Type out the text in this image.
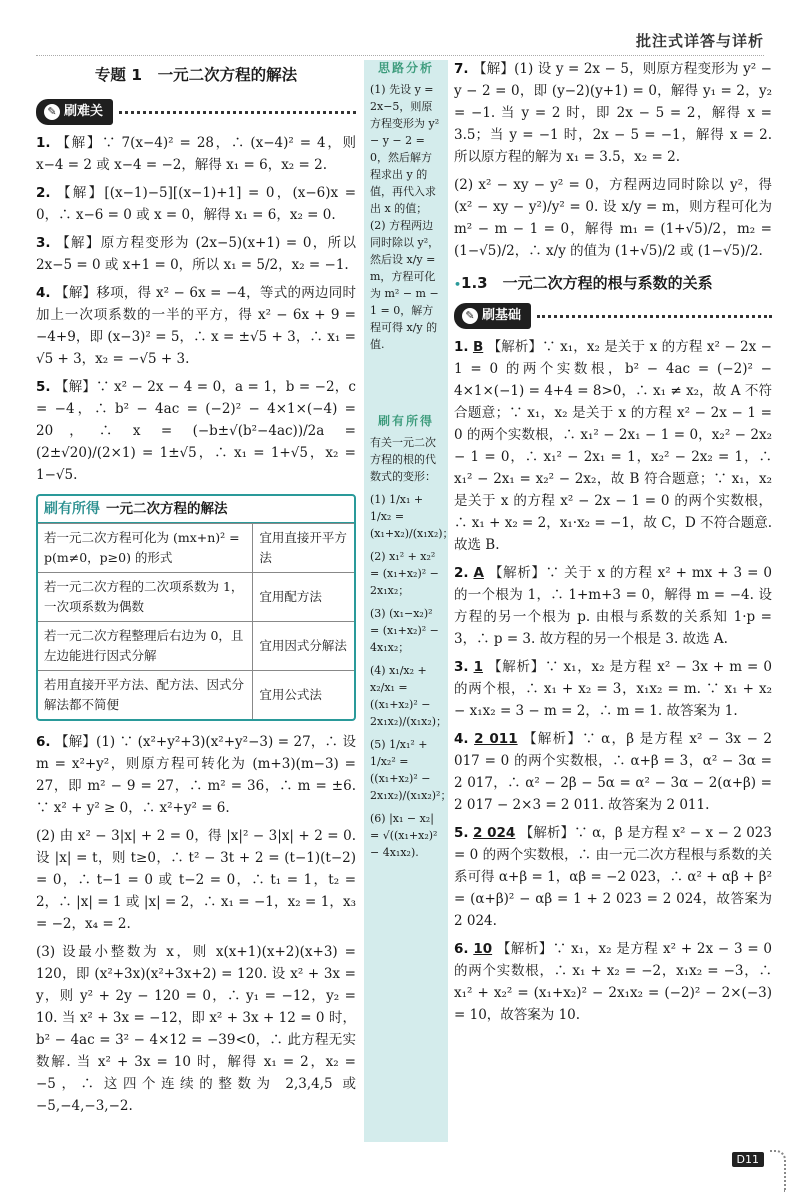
批注式详答与详析
专题 1　一元二次方程的解法
✎ 刷难关
1. 【解】∵ 7(x−4)² = 28，∴ (x−4)² = 4，则 x−4 = 2 或 x−4 = −2，解得 x₁ = 6，x₂ = 2.
2. 【解】[(x−1)−5][(x−1)+1] = 0，(x−6)x = 0，∴ x−6 = 0 或 x = 0，解得 x₁ = 6，x₂ = 0.
3. 【解】原方程变形为 (2x−5)(x+1) = 0，所以 2x−5 = 0 或 x+1 = 0，所以 x₁ = 5/2，x₂ = −1.
4. 【解】移项，得 x² − 6x = −4，等式的两边同时加上一次项系数的一半的平方，得 x² − 6x + 9 = −4+9，即 (x−3)² = 5，∴ x = ±√5 + 3，∴ x₁ = √5 + 3，x₂ = −√5 + 3.
5. 【解】∵ x² − 2x − 4 = 0，a = 1，b = −2，c = −4，∴ b² − 4ac = (−2)² − 4×1×(−4) = 20，∴ x = (−b±√(b²−4ac))/2a = (2±√20)/(2×1) = 1±√5，∴ x₁ = 1+√5，x₂ = 1−√5.
刷有所得 一元二次方程的解法
若一元二次方程可化为 (mx+n)² = p(m≠0，p≥0) 的形式	宜用直接开平方法
若一元二次方程的二次项系数为 1，一次项系数为偶数	宜用配方法
若一元二次方程整理后右边为 0，且左边能进行因式分解	宜用因式分解法
若用直接开平方法、配方法、因式分解法都不简便	宜用公式法
6. 【解】(1) ∵ (x²+y²+3)(x²+y²−3) = 27，∴ 设 m = x²+y²，则原方程可转化为 (m+3)(m−3) = 27，即 m² − 9 = 27，∴ m² = 36，∴ m = ±6. ∵ x² + y² ≥ 0，∴ x²+y² = 6.
(2) 由 x² − 3|x| + 2 = 0，得 |x|² − 3|x| + 2 = 0. 设 |x| = t，则 t≥0，∴ t² − 3t + 2 = (t−1)(t−2) = 0，∴ t−1 = 0 或 t−2 = 0，∴ t₁ = 1，t₂ = 2，∴ |x| = 1 或 |x| = 2，∴ x₁ = −1，x₂ = 1，x₃ = −2，x₄ = 2.
(3) 设最小整数为 x，则 x(x+1)(x+2)(x+3) = 120，即 (x²+3x)(x²+3x+2) = 120. 设 x² + 3x = y，则 y² + 2y − 120 = 0，∴ y₁ = −12，y₂ = 10. 当 x² + 3x = −12，即 x² + 3x + 12 = 0 时，b² − 4ac = 3² − 4×12 = −39<0，∴ 此方程无实数解. 当 x² + 3x = 10 时，解得 x₁ = 2，x₂ = −5，∴ 这四个连续的整数为 2,3,4,5 或 −5,−4,−3,−2.
思路分析
(1) 先设 y = 2x−5，则原方程变形为 y² − y − 2 = 0，然后解方程求出 y 的值，再代入求出 x 的值；(2) 方程两边同时除以 y²，然后设 x/y = m，方程可化为 m² − m − 1 = 0，解方程可得 x/y 的值.
刷有所得
有关一元二次方程的根的代数式的变形：
(1) 1/x₁ + 1/x₂ = (x₁+x₂)/(x₁x₂)；
(2) x₁² + x₂² = (x₁+x₂)² − 2x₁x₂；
(3) (x₁−x₂)² = (x₁+x₂)² − 4x₁x₂；
(4) x₁/x₂ + x₂/x₁ = ((x₁+x₂)² − 2x₁x₂)/(x₁x₂)；
(5) 1/x₁² + 1/x₂² = ((x₁+x₂)² − 2x₁x₂)/(x₁x₂)²；
(6) |x₁ − x₂| = √((x₁+x₂)² − 4x₁x₂).
7. 【解】(1) 设 y = 2x − 5，则原方程变形为 y² − y − 2 = 0，即 (y−2)(y+1) = 0，解得 y₁ = 2，y₂ = −1. 当 y = 2 时，即 2x − 5 = 2，解得 x = 3.5；当 y = −1 时，2x − 5 = −1，解得 x = 2. 所以原方程的解为 x₁ = 3.5，x₂ = 2.
(2) x² − xy − y² = 0，方程两边同时除以 y²，得 (x² − xy − y²)/y² = 0. 设 x/y = m，则方程可化为 m² − m − 1 = 0，解得 m₁ = (1+√5)/2，m₂ = (1−√5)/2，∴ x/y 的值为 (1+√5)/2 或 (1−√5)/2.
•1.3　一元二次方程的根与系数的关系
✎ 刷基础
1. B 【解析】∵ x₁，x₂ 是关于 x 的方程 x² − 2x − 1 = 0 的两个实数根，b² − 4ac = (−2)² − 4×1×(−1) = 4+4 = 8>0，∴ x₁ ≠ x₂，故 A 不符合题意；∵ x₁，x₂ 是关于 x 的方程 x² − 2x − 1 = 0 的两个实数根，∴ x₁² − 2x₁ − 1 = 0，x₂² − 2x₂ − 1 = 0，∴ x₁² − 2x₁ = 1，x₂² − 2x₂ = 1，∴ x₁² − 2x₁ = x₂² − 2x₂，故 B 符合题意；∵ x₁，x₂ 是关于 x 的方程 x² − 2x − 1 = 0 的两个实数根，∴ x₁ + x₂ = 2，x₁·x₂ = −1，故 C，D 不符合题意. 故选 B.
2. A 【解析】∵ 关于 x 的方程 x² + mx + 3 = 0 的一个根为 1，∴ 1+m+3 = 0，解得 m = −4. 设方程的另一个根为 p. 由根与系数的关系知 1·p = 3，∴ p = 3. 故方程的另一个根是 3. 故选 A.
3. 1 【解析】∵ x₁，x₂ 是方程 x² − 3x + m = 0 的两个根，∴ x₁ + x₂ = 3，x₁x₂ = m. ∵ x₁ + x₂ − x₁x₂ = 3 − m = 2，∴ m = 1. 故答案为 1.
4. 2 011 【解析】∵ α，β 是方程 x² − 3x − 2 017 = 0 的两个实数根，∴ α+β = 3，α² − 3α = 2 017，∴ α² − 2β − 5α = α² − 3α − 2(α+β) = 2 017 − 2×3 = 2 011. 故答案为 2 011.
5. 2 024 【解析】∵ α，β 是方程 x² − x − 2 023 = 0 的两个实数根，∴ 由一元二次方程根与系数的关系可得 α+β = 1，αβ = −2 023，∴ α² + αβ + β² = (α+β)² − αβ = 1 + 2 023 = 2 024，故答案为 2 024.
6. 10 【解析】∵ x₁，x₂ 是方程 x² + 2x − 3 = 0 的两个实数根，∴ x₁ + x₂ = −2，x₁x₂ = −3，∴ x₁² + x₂² = (x₁+x₂)² − 2x₁x₂ = (−2)² − 2×(−3) = 10，故答案为 10.
D11
